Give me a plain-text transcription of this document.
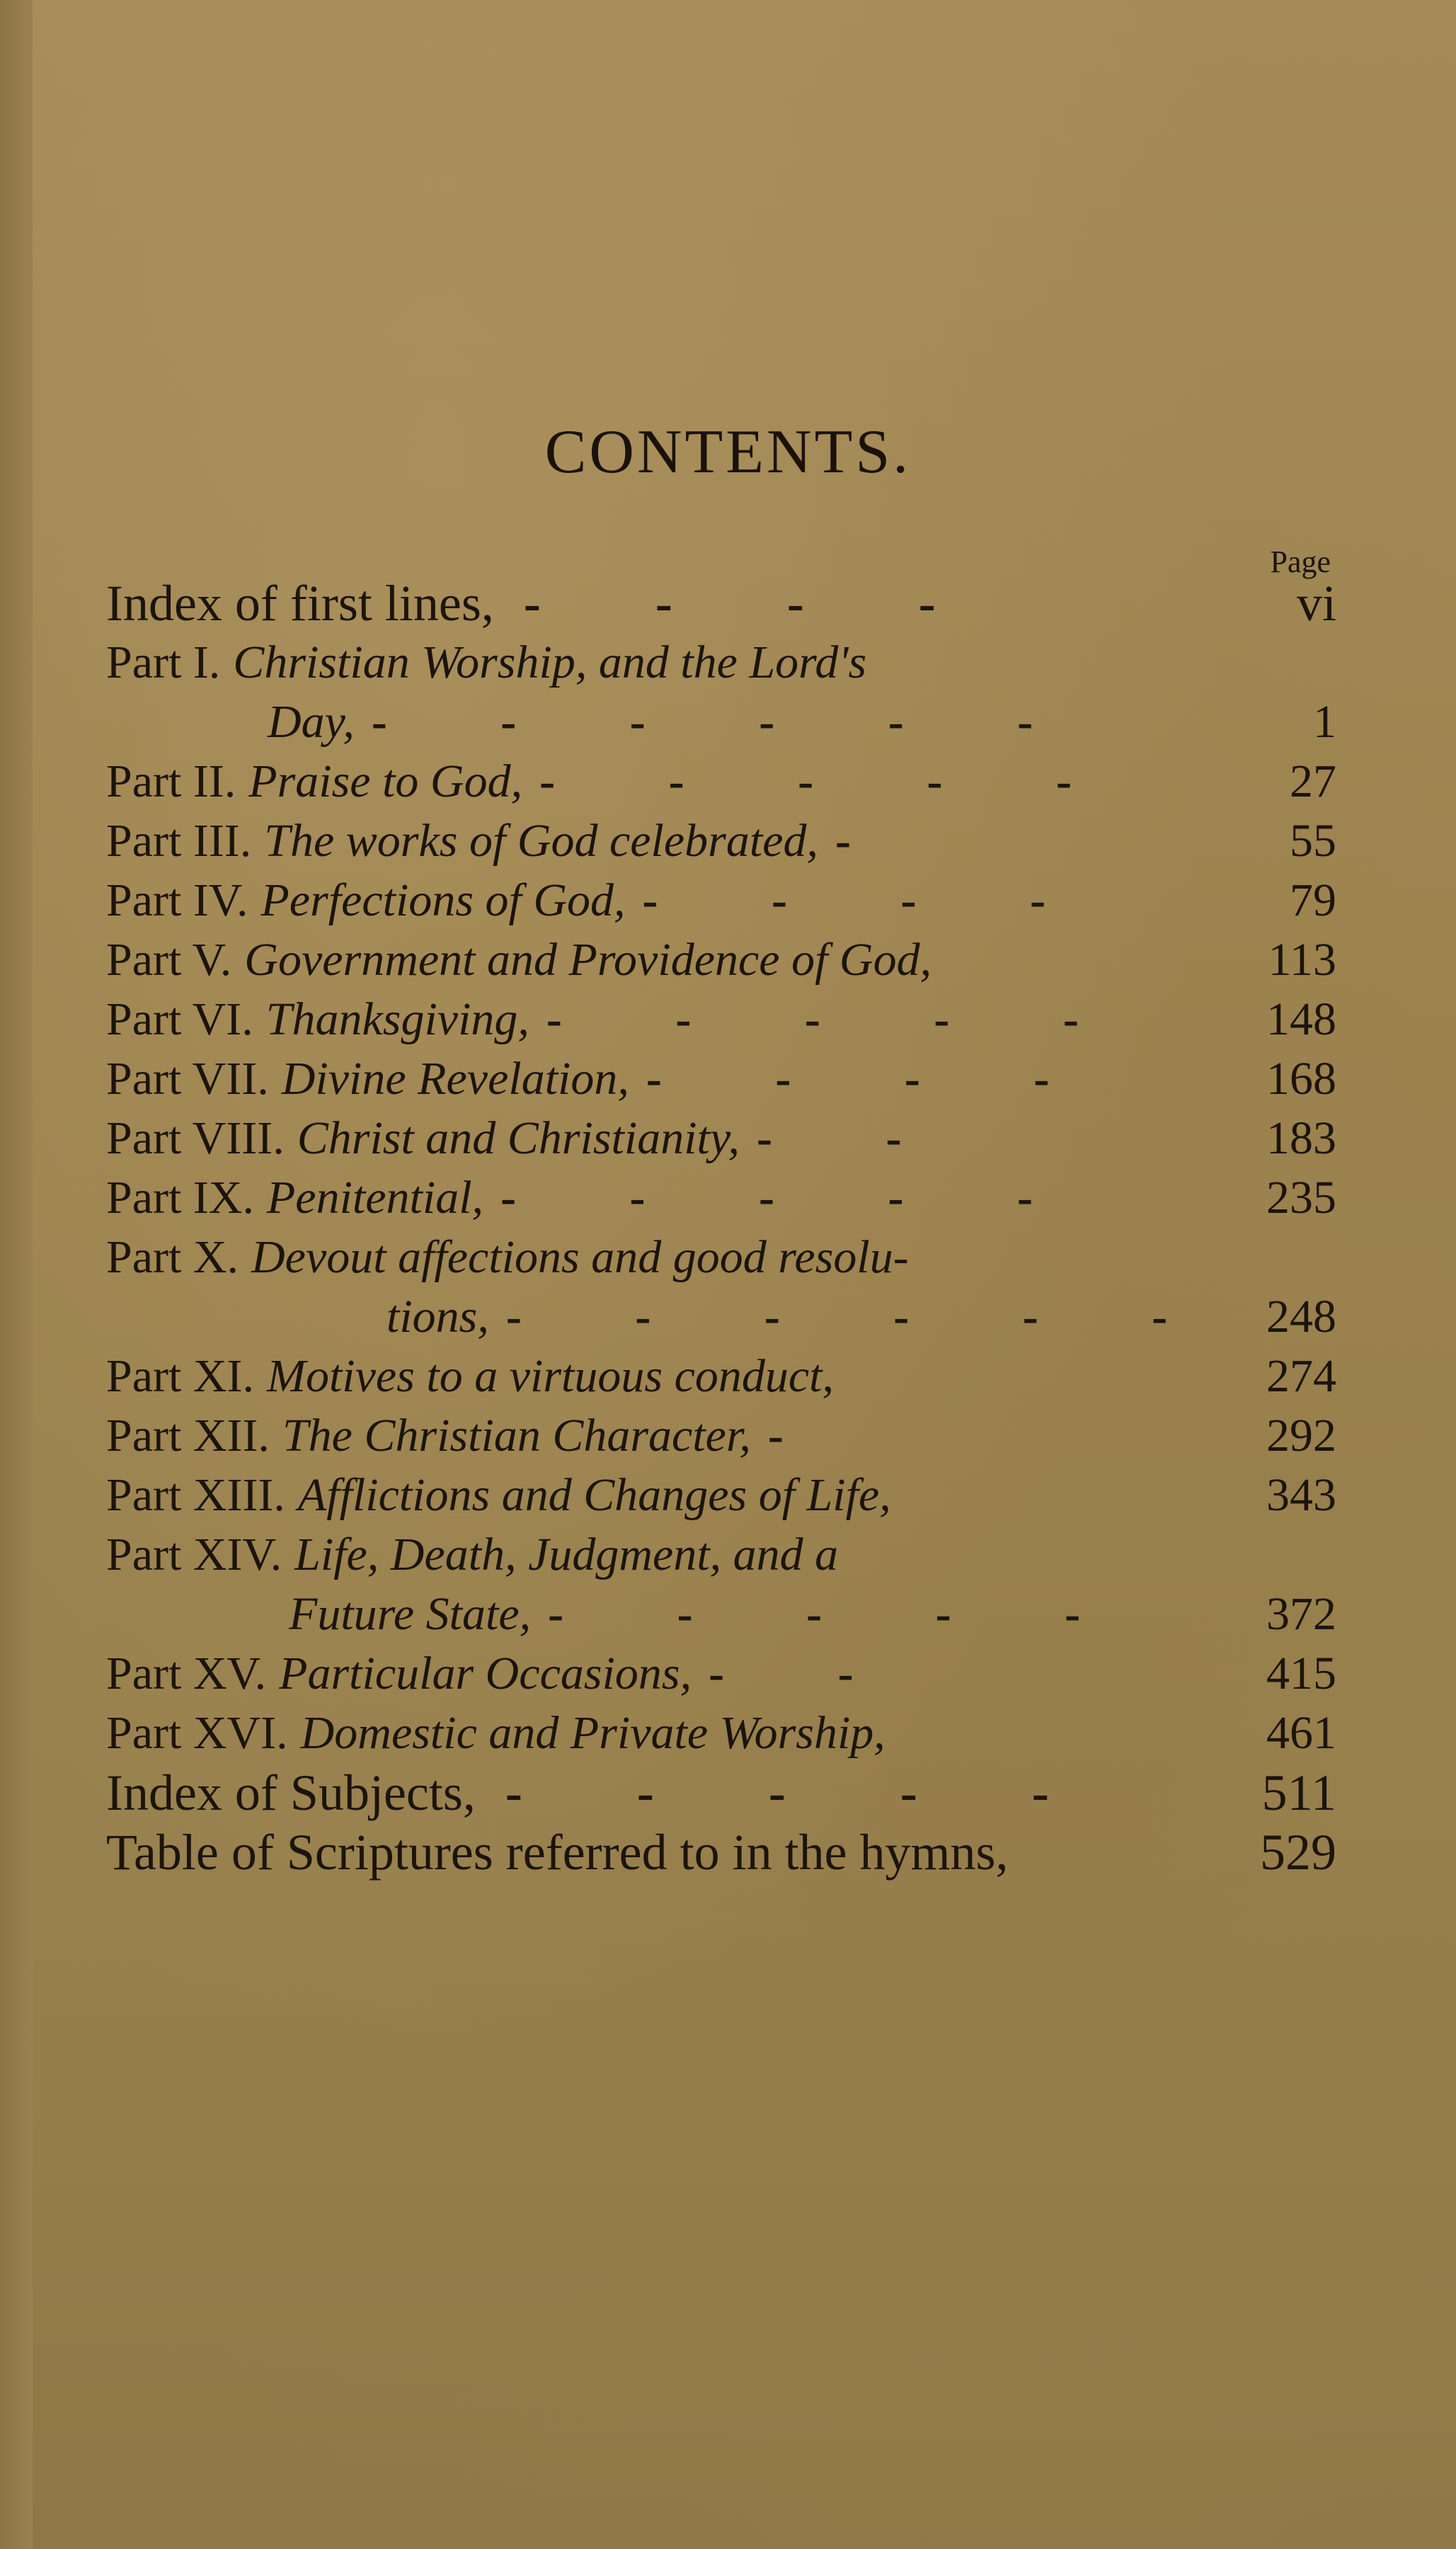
CONTENTS.
Page
Index of first lines, - - - -	vi
Part I. Christian Worship, and the Lord's
Day, - - - - - -	1
Part II. Praise to God, - - - - -	27
Part III. The works of God celebrated, -	55
Part IV. Perfections of God, - - - -	79
Part V. Government and Providence of God,	113
Part VI. Thanksgiving, - - - - -	148
Part VII. Divine Revelation, - - - -	168
Part VIII. Christ and Christianity, - -	183
Part IX. Penitential, - - - - -	235
Part X. Devout affections and good resolu-
tions, - - - - - -	248
Part XI. Motives to a virtuous conduct,	274
Part XII. The Christian Character, -	292
Part XIII. Afflictions and Changes of Life,	343
Part XIV. Life, Death, Judgment, and a
Future State, - - - - -	372
Part XV. Particular Occasions, - -	415
Part XVI. Domestic and Private Worship,	461
Index of Subjects, - - - - -	511
Table of Scriptures referred to in the hymns,	529
